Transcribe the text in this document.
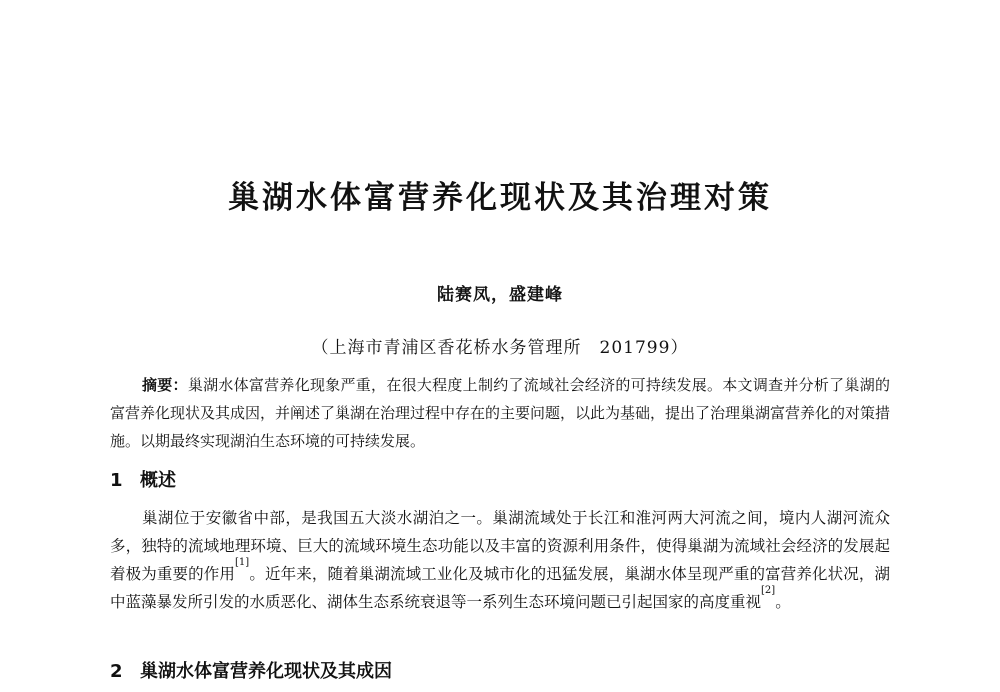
巢湖水体富营养化现状及其治理对策
陆赛凤，盛建峰
（上海市青浦区香花桥水务管理所　201799）
摘要：巢湖水体富营养化现象严重，在很大程度上制约了流域社会经济的可持续发展。本文调查并分析了巢湖的富营养化现状及其成因，并阐述了巢湖在治理过程中存在的主要问题，以此为基础，提出了治理巢湖富营养化的对策措施。以期最终实现湖泊生态环境的可持续发展。
1 概述
巢湖位于安徽省中部，是我国五大淡水湖泊之一。巢湖流域处于长江和淮河两大河流之间，境内人湖河流众多，独特的流域地理环境、巨大的流域环境生态功能以及丰富的资源利用条件，使得巢湖为流域社会经济的发展起着极为重要的作用[1]。近年来，随着巢湖流域工业化及城市化的迅猛发展，巢湖水体呈现严重的富营养化状况，湖中蓝藻暴发所引发的水质恶化、湖体生态系统衰退等一系列生态环境问题已引起国家的高度重视[2]。
2 巢湖水体富营养化现状及其成因
